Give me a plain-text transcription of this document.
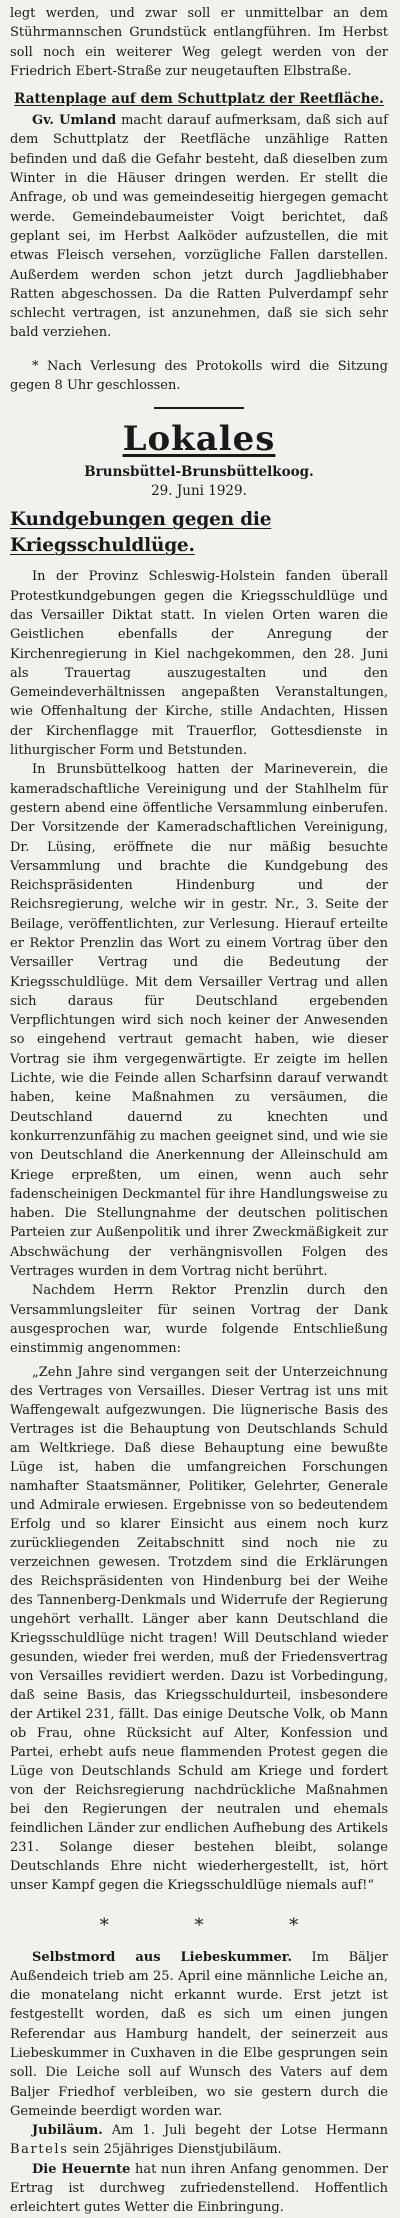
legt werden, und zwar soll er unmittelbar an dem Stührmannschen Grundstück entlangführen. Im Herbst soll noch ein weiterer Weg gelegt werden von der Friedrich Ebert-Straße zur neugetauften Elbstraße.

Rattenplage auf dem Schuttplatz der Reetfläche.

Gv. Umland macht darauf aufmerksam, daß sich auf dem Schuttplatz der Reetfläche unzählige Ratten befinden und daß die Gefahr besteht, daß dieselben zum Winter in die Häuser dringen werden. Er stellt die Anfrage, ob und was gemeindeseitig hiergegen gemacht werde. Gemeindebaumeister Voigt berichtet, daß geplant sei, im Herbst Aalköder aufzustellen, die mit etwas Fleisch versehen, vorzügliche Fallen darstellen. Außerdem werden schon jetzt durch Jagdliebhaber Ratten abgeschossen. Da die Ratten Pulverdampf sehr schlecht vertragen, ist anzunehmen, daß sie sich sehr bald verziehen.

* Nach Verlesung des Protokolls wird die Sitzung gegen 8 Uhr geschlossen.

Lokales
Brunsbüttel-Brunsbüttelkoog.
29. Juni 1929.
Kundgebungen gegen die Kriegsschuldlüge.

In der Provinz Schleswig-Holstein fanden überall Protestkundgebungen gegen die Kriegsschuldlüge und das Versailler Diktat statt. In vielen Orten waren die Geistlichen ebenfalls der Anregung der Kirchenregierung in Kiel nachgekommen, den 28. Juni als Trauertag auszugestalten und den Gemeindeverhältnissen angepaßten Veranstaltungen, wie Offenhaltung der Kirche, stille Andachten, Hissen der Kirchenflagge mit Trauerflor, Gottesdienste in lithurgischer Form und Betstunden.

In Brunsbüttelkoog hatten der Marineverein, die kameradschaftliche Vereinigung und der Stahlhelm für gestern abend eine öffentliche Versammlung einberufen. Der Vorsitzende der Kameradschaftlichen Vereinigung, Dr. Lüsing, eröffnete die nur mäßig besuchte Versammlung und brachte die Kundgebung des Reichspräsidenten Hindenburg und der Reichsregierung, welche wir in gestr. Nr., 3. Seite der Beilage, veröffentlichten, zur Verlesung. Hierauf erteilte er Rektor Prenzlin das Wort zu einem Vortrag über den Versailler Vertrag und die Bedeutung der Kriegsschuldlüge. Mit dem Versailler Vertrag und allen sich daraus für Deutschland ergebenden Verpflichtungen wird sich noch keiner der Anwesenden so eingehend vertraut gemacht haben, wie dieser Vortrag sie ihm vergegenwärtigte. Er zeigte im hellen Lichte, wie die Feinde allen Scharfsinn darauf verwandt haben, keine Maßnahmen zu versäumen, die Deutschland dauernd zu knechten und konkurrenzunfähig zu machen geeignet sind, und wie sie von Deutschland die Anerkennung der Alleinschuld am Kriege erpreßten, um einen, wenn auch sehr fadenscheinigen Deckmantel für ihre Handlungsweise zu haben. Die Stellungnahme der deutschen politischen Parteien zur Außenpolitik und ihrer Zweckmäßigkeit zur Abschwächung der verhängnisvollen Folgen des Vertrages wurden in dem Vortrag nicht berührt.

Nachdem Herrn Rektor Prenzlin durch den Versammlungsleiter für seinen Vortrag der Dank ausgesprochen war, wurde folgende Entschließung einstimmig angenommen:

„Zehn Jahre sind vergangen seit der Unterzeichnung des Vertrages von Versailles. Dieser Vertrag ist uns mit Waffengewalt aufgezwungen. Die lügnerische Basis des Vertrages ist die Behauptung von Deutschlands Schuld am Weltkriege. Daß diese Behauptung eine bewußte Lüge ist, haben die umfangreichen Forschungen namhafter Staatsmänner, Politiker, Gelehrter, Generale und Admirale erwiesen. Ergebnisse von so bedeutendem Erfolg und so klarer Einsicht aus einem noch kurz zurückliegenden Zeitabschnitt sind noch nie zu verzeichnen gewesen. Trotzdem sind die Erklärungen des Reichspräsidenten von Hindenburg bei der Weihe des Tannenberg-Denkmals und Widerrufe der Regierung ungehört verhallt. Länger aber kann Deutschland die Kriegsschuldlüge nicht tragen! Will Deutschland wieder gesunden, wieder frei werden, muß der Friedensvertrag von Versailles revidiert werden. Dazu ist Vorbedingung, daß seine Basis, das Kriegsschuldurteil, insbesondere der Artikel 231, fällt. Das einige Deutsche Volk, ob Mann ob Frau, ohne Rücksicht auf Alter, Konfession und Partei, erhebt aufs neue flammenden Protest gegen die Lüge von Deutschlands Schuld am Kriege und fordert von der Reichsregierung nachdrückliche Maßnahmen bei den Regierungen der neutralen und ehemals feindlichen Länder zur endlichen Aufhebung des Artikels 231. Solange dieser bestehen bleibt, solange Deutschlands Ehre nicht wiederhergestellt, ist, hört unser Kampf gegen die Kriegsschuldlüge niemals auf!“

* * *

Selbstmord aus Liebeskummer. Im Bäljer Außendeich trieb am 25. April eine männliche Leiche an, die monatelang nicht erkannt wurde. Erst jetzt ist festgestellt worden, daß es sich um einen jungen Referendar aus Hamburg handelt, der seinerzeit aus Liebeskummer in Cuxhaven in die Elbe gesprungen sein soll. Die Leiche soll auf Wunsch des Vaters auf dem Baljer Friedhof verbleiben, wo sie gestern durch die Gemeinde beerdigt worden war.

Jubiläum. Am 1. Juli begeht der Lotse Hermann Bartels sein 25jähriges Dienstjubiläum.

Die Heuernte hat nun ihren Anfang genommen. Der Ertrag ist durchweg zufriedenstellend. Hoffentlich erleichtert gutes Wetter die Einbringung.
